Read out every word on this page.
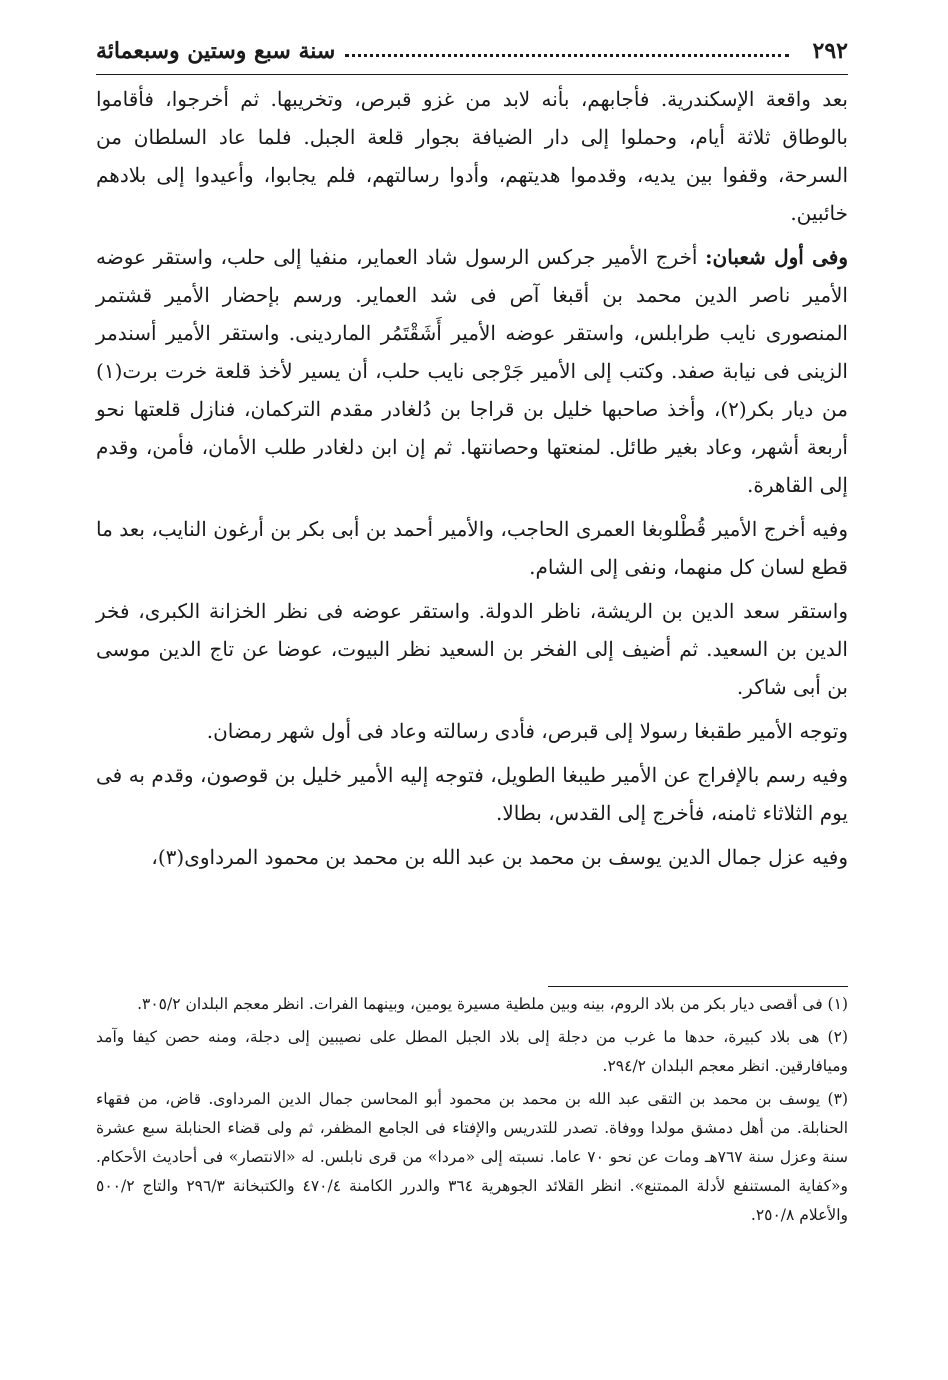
٢٩٢
سنة سبع وستين وسبعمائة

بعد واقعة الإسكندرية. فأجابهم، بأنه لابد من غزو قبرص، وتخريبها. ثم أخرجوا، فأقاموا بالوطاق ثلاثة أيام، وحملوا إلى دار الضيافة بجوار قلعة الجبل. فلما عاد السلطان من السرحة، وقفوا بين يديه، وقدموا هديتهم، وأدوا رسالتهم، فلم يجابوا، وأعيدوا إلى بلادهم خائبين.

وفى أول شعبان: أخرج الأمير جركس الرسول شاد العماير، منفيا إلى حلب، واستقر عوضه الأمير ناصر الدين محمد بن أقبغا آص فى شد العماير. ورسم بإحضار الأمير قشتمر المنصورى نايب طرابلس، واستقر عوضه الأمير أَشَقْتَمُر الماردينى. واستقر الأمير أسندمر الزينى فى نيابة صفد. وكتب إلى الأمير جَرْجى نايب حلب، أن يسير لأخذ قلعة خرت برت(١) من ديار بكر(٢)، وأخذ صاحبها خليل بن قراجا بن دُلغادر مقدم التركمان، فنازل قلعتها نحو أربعة أشهر، وعاد بغير طائل. لمنعتها وحصانتها. ثم إن ابن دلغادر طلب الأمان، فأمن، وقدم إلى القاهرة.

وفيه أخرج الأمير قُطْلوبغا العمرى الحاجب، والأمير أحمد بن أبى بكر بن أرغون النايب، بعد ما قطع لسان كل منهما، ونفى إلى الشام.

واستقر سعد الدين بن الريشة، ناظر الدولة. واستقر عوضه فى نظر الخزانة الكبرى، فخر الدين بن السعيد. ثم أضيف إلى الفخر بن السعيد نظر البيوت، عوضا عن تاج الدين موسى بن أبى شاكر.

وتوجه الأمير طقبغا رسولا إلى قبرص، فأدى رسالته وعاد فى أول شهر رمضان.

وفيه رسم بالإفراج عن الأمير طيبغا الطويل، فتوجه إليه الأمير خليل بن قوصون، وقدم به فى يوم الثلاثاء ثامنه، فأخرج إلى القدس، بطالا.

وفيه عزل جمال الدين يوسف بن محمد بن عبد الله بن محمد بن محمود المرداوى(٣)،

(١) فى أقصى ديار بكر من بلاد الروم، بينه وبين ملطية مسيرة يومين، وبينهما الفرات. انظر معجم البلدان ٣٠٥/٢.

(٢) هى بلاد كبيرة، حدها ما غرب من دجلة إلى بلاد الجبل المطل على نصيبين إلى دجلة، ومنه حصن كيفا وآمد وميافارقين. انظر معجم البلدان ٢٩٤/٢.

(٣) يوسف بن محمد بن التقى عبد الله بن محمد بن محمود أبو المحاسن جمال الدين المرداوى. قاض، من فقهاء الحنابلة. من أهل دمشق مولدا ووفاة. تصدر للتدريس والإفتاء فى الجامع المظفر، ثم ولى قضاء الحنابلة سبع عشرة سنة وعزل سنة ٧٦٧هـ ومات عن نحو ٧٠ عاما. نسبته إلى «مردا» من قرى نابلس. له «الانتصار» فى أحاديث الأحكام. و«كفاية المستنفع لأدلة الممتنع». انظر القلائد الجوهرية ٣٦٤ والدرر الكامنة ٤٧٠/٤ والكتبخانة ٢٩٦/٣ والتاج ٥٠٠/٢ والأعلام ٢٥٠/٨.
